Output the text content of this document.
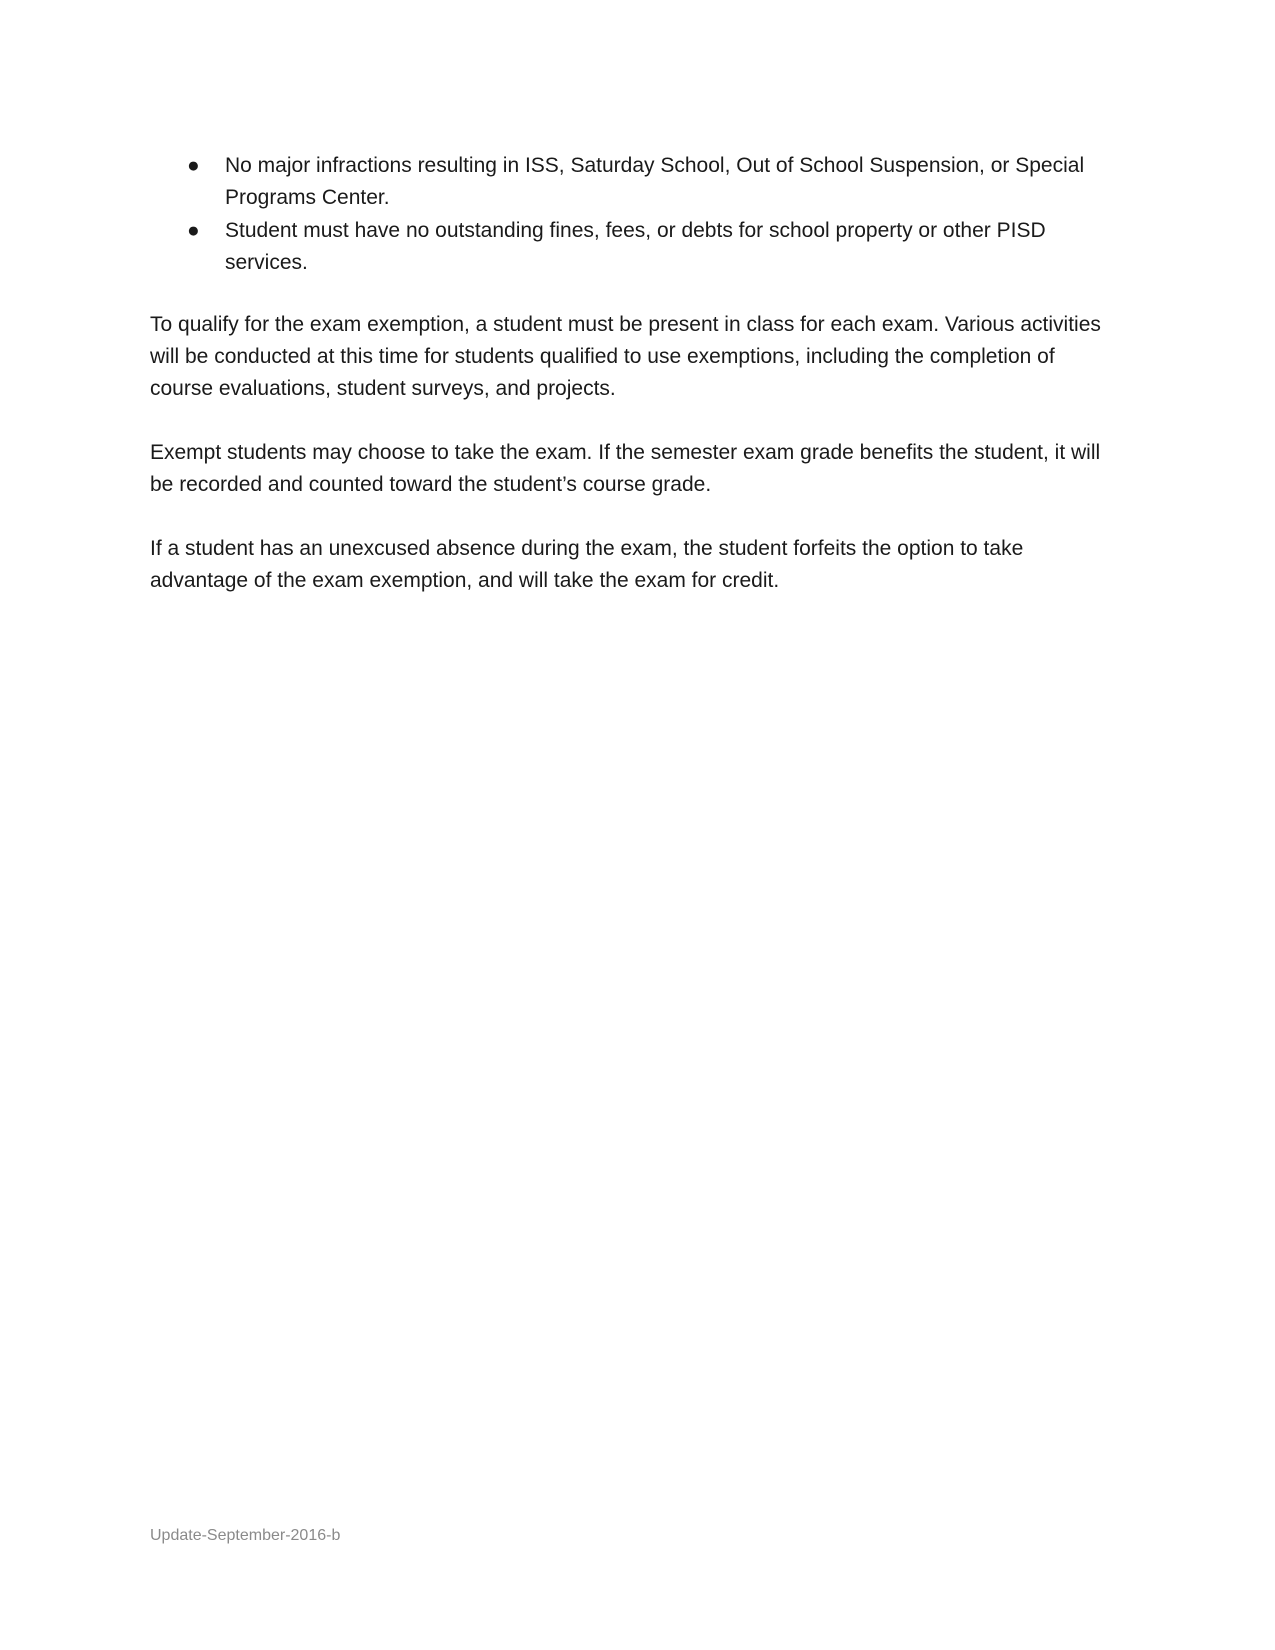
● No major infractions resulting in ISS, Saturday School, Out of School Suspension, or Special Programs Center.
● Student must have no outstanding fines, fees, or debts for school property or other PISD services.

To qualify for the exam exemption, a student must be present in class for each exam. Various activities will be conducted at this time for students qualified to use exemptions, including the completion of course evaluations, student surveys, and projects.

Exempt students may choose to take the exam. If the semester exam grade benefits the student, it will be recorded and counted toward the student’s course grade.

If a student has an unexcused absence during the exam, the student forfeits the option to take advantage of the exam exemption, and will take the exam for credit.

Update-September-2016-b
